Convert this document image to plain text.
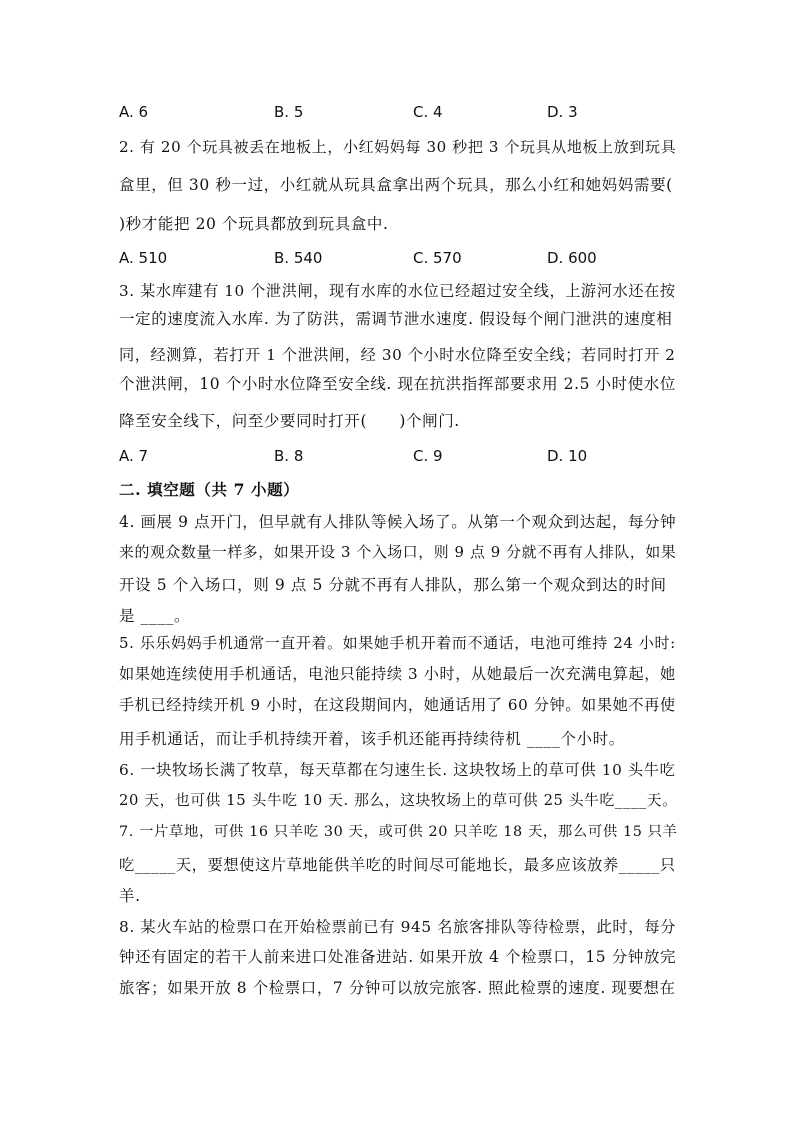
A. 6	B. 5	C. 4	D. 3
2. 有 20 个玩具被丢在地板上，小红妈妈每 30 秒把 3 个玩具从地板上放到玩具
盒里，但 30 秒一过，小红就从玩具盒拿出两个玩具，那么小红和她妈妈需要(
)秒才能把 20 个玩具都放到玩具盒中.
A. 510	B. 540	C. 570	D. 600
3. 某水库建有 10 个泄洪闸，现有水库的水位已经超过安全线，上游河水还在按
一定的速度流入水库. 为了防洪，需调节泄水速度. 假设每个闸门泄洪的速度相
同，经测算，若打开 1 个泄洪闸，经 30 个小时水位降至安全线；若同时打开 2
个泄洪闸，10 个小时水位降至安全线. 现在抗洪指挥部要求用 2.5 小时使水位
降至安全线下，问至少要同时打开(　　)个闸门.
A. 7	B. 8	C. 9	D. 10
二. 填空题（共 7 小题）
4. 画展 9 点开门，但早就有人排队等候入场了。从第一个观众到达起，每分钟
来的观众数量一样多，如果开设 3 个入场口，则 9 点 9 分就不再有人排队，如果
开设 5 个入场口，则 9 点 5 分就不再有人排队，那么第一个观众到达的时间
是 ____。
5. 乐乐妈妈手机通常一直开着。如果她手机开着而不通话，电池可维持 24 小时:
如果她连续使用手机通话，电池只能持续 3 小时，从她最后一次充满电算起，她
手机已经持续开机 9 小时，在这段期间内，她通话用了 60 分钟。如果她不再使
用手机通话，而让手机持续开着，该手机还能再持续待机 ____个小时。
6. 一块牧场长满了牧草，每天草都在匀速生长. 这块牧场上的草可供 10 头牛吃
20 天，也可供 15 头牛吃 10 天. 那么，这块牧场上的草可供 25 头牛吃____天。
7. 一片草地，可供 16 只羊吃 30 天，或可供 20 只羊吃 18 天，那么可供 15 只羊
吃_____天，要想使这片草地能供羊吃的时间尽可能地长，最多应该放养_____只
羊.
8. 某火车站的检票口在开始检票前已有 945 名旅客排队等待检票，此时，每分
钟还有固定的若干人前来进口处准备进站. 如果开放 4 个检票口，15 分钟放完
旅客；如果开放 8 个检票口，7 分钟可以放完旅客. 照此检票的速度. 现要想在
